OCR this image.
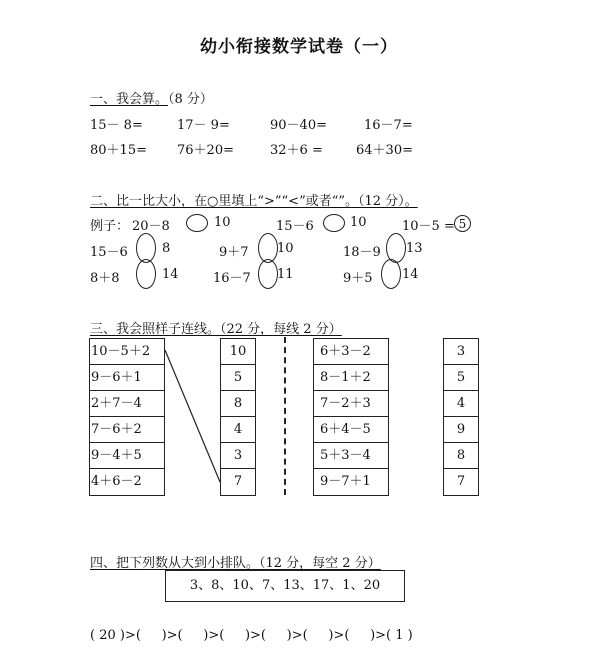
幼小衔接数学试卷（一）
一、我会算。（8 分）
15－ 8=	17－ 9=	90－40=	16－7=
80＋15= 76＋20=	32＋6 =	64＋30=
二、比一比大小，在○里填上“>”“<”或者“”。（12 分）。
例子： 20－8	10	15－6	10	10－5 = 5
15－6	8	9＋7 10	18－9 13
8＋8	14	16－7 11	9＋5 14
三、我会照样子连线。（22 分，每线 2 分）
10－5＋2
9－6＋1
2＋7－4
7－6＋2
9－4＋5
4＋6－2
10
5
8
4
3
7
6＋3－2
8－1＋2
7－2＋3
6＋4－5
5＋3－4
9－7＋1
3
5
4
9
8
7
四、把下列数从大到小排队。（12 分，每空 2 分）
3、8、10、7、13、17、1、20
( 20 )>(     )>(     )>(     )>(     )>(     )>(     )>( 1 )
